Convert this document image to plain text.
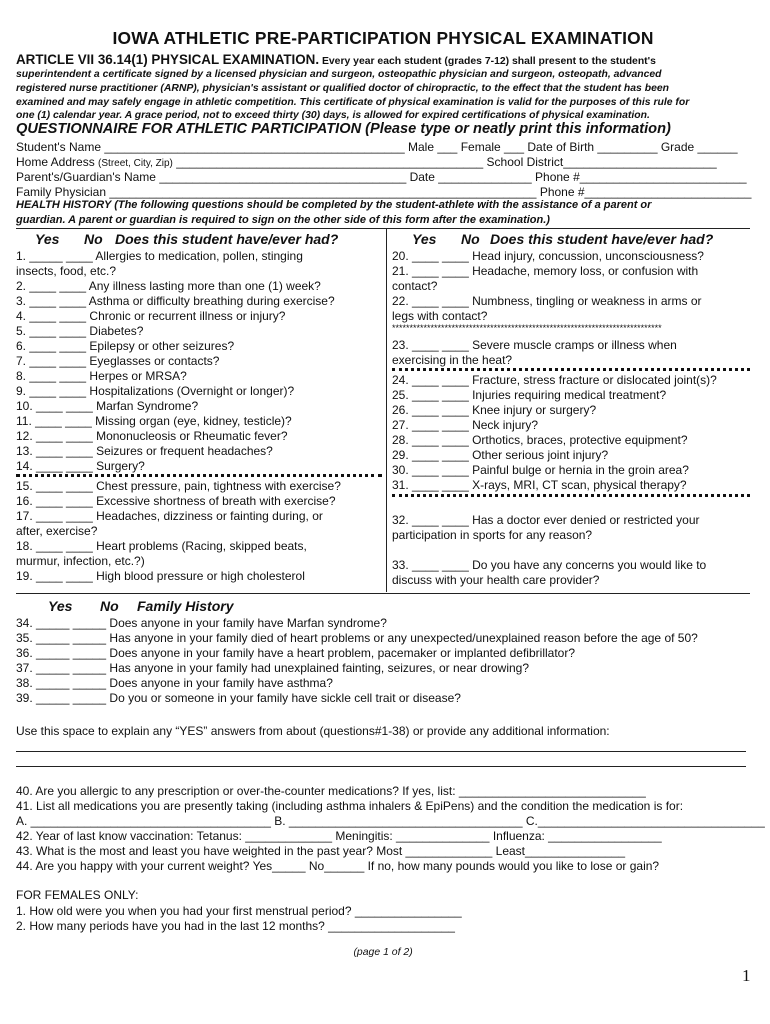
IOWA ATHLETIC PRE-PARTICIPATION PHYSICAL EXAMINATION
ARTICLE VII 36.14(1) PHYSICAL EXAMINATION. Every year each student (grades 7-12) shall present to the student's
superintendent a certificate signed by a licensed physician and surgeon, osteopathic physician and surgeon, osteopath, advanced
registered nurse practitioner (ARNP), physician's assistant or qualified doctor of chiropractic, to the effect that the student has been
examined and may safely engage in athletic competition. This certificate of physical examination is valid for the purposes of this rule for
one (1) calendar year. A grace period, not to exceed thirty (30) days, is allowed for expired certifications of physical examination.
QUESTIONNAIRE FOR ATHLETIC PARTICIPATION (Please type or neatly print this information)
Student's Name _____________________________________________ Male ___ Female ___ Date of Birth _________ Grade ______
Home Address (Street, City, Zip) ______________________________________________ School District_______________________
Parent's/Guardian's Name _____________________________________ Date ______________ Phone #_________________________
Family Physician ________________________________________________________________ Phone #_________________________
HEALTH HISTORY (The following questions should be completed by the student-athlete with the assistance of a parent or
guardian. A parent or guardian is required to sign on the other side of this form after the examination.)
Yes No Does this student have/ever had?	Yes No Does this student have/ever had?
1. _____ ____ Allergies to medication, pollen, stinging
insects, food, etc.?
2. ____ ____ Any illness lasting more than one (1) week?
3. ____ ____ Asthma or difficulty breathing during exercise?
4. ____ ____ Chronic or recurrent illness or injury?
5. ____ ____ Diabetes?
6. ____ ____ Epilepsy or other seizures?
7. ____ ____ Eyeglasses or contacts?
8. ____ ____ Herpes or MRSA?
9. ____ ____ Hospitalizations (Overnight or longer)?
10. ____ ____ Marfan Syndrome?
11. ____ ____ Missing organ (eye, kidney, testicle)?
12. ____ ____ Mononucleosis or Rheumatic fever?
13. ____ ____ Seizures or frequent headaches?
14. ____ ____ Surgery?
15. ____ ____ Chest pressure, pain, tightness with exercise?
16. ____ ____ Excessive shortness of breath with exercise?
17. ____ ____ Headaches, dizziness or fainting during, or
after, exercise?
18. ____ ____ Heart problems (Racing, skipped beats,
murmur, infection, etc.?)
19. ____ ____ High blood pressure or high cholesterol
20. ____ ____ Head injury, concussion, unconsciousness?
21. ____ ____ Headache, memory loss, or confusion with
contact?
22. ____ ____ Numbness, tingling or weakness in arms or
legs with contact?
*****************************************************************************
23. ____ ____ Severe muscle cramps or illness when
exercising in the heat?
24. ____ ____ Fracture, stress fracture or dislocated joint(s)?
25. ____ ____ Injuries requiring medical treatment?
26. ____ ____ Knee injury or surgery?
27. ____ ____ Neck injury?
28. ____ ____ Orthotics, braces, protective equipment?
29. ____ ____ Other serious joint injury?
30. ____ ____ Painful bulge or hernia in the groin area?
31. ____ ____ X-rays, MRI, CT scan, physical therapy?
32. ____ ____ Has a doctor ever denied or restricted your
participation in sports for any reason?
33. ____ ____ Do you have any concerns you would like to
discuss with your health care provider?
Yes No Family History
34. _____ _____ Does anyone in your family have Marfan syndrome?
35. _____ _____ Has anyone in your family died of heart problems or any unexpected/unexplained reason before the age of 50?
36. _____ _____ Does anyone in your family have a heart problem, pacemaker or implanted defibrillator?
37. _____ _____ Has anyone in your family had unexplained fainting, seizures, or near drowing?
38. _____ _____ Does anyone in your family have asthma?
39. _____ _____ Do you or someone in your family have sickle cell trait or disease?
Use this space to explain any “YES” answers from about (questions#1-38) or provide any additional information:
40. Are you allergic to any prescription or over-the-counter medications? If yes, list: ____________________________
41. List all medications you are presently taking (including asthma inhalers & EpiPens) and the condition the medication is for:
A. ____________________________________ B. ___________________________________ C.__________________________________
42. Year of last know vaccination: Tetanus: _____________ Meningitis: ______________ Influenza: _________________
43. What is the most and least you have weighted in the past year? Most _____________ Least_______________
44. Are you happy with your current weight? Yes_____ No______ If no, how many pounds would you like to lose or gain?
FOR FEMALES ONLY:
1. How old were you when you had your first menstrual period? ________________
2. How many periods have you had in the last 12 months? ___________________
(page 1 of 2)
1
